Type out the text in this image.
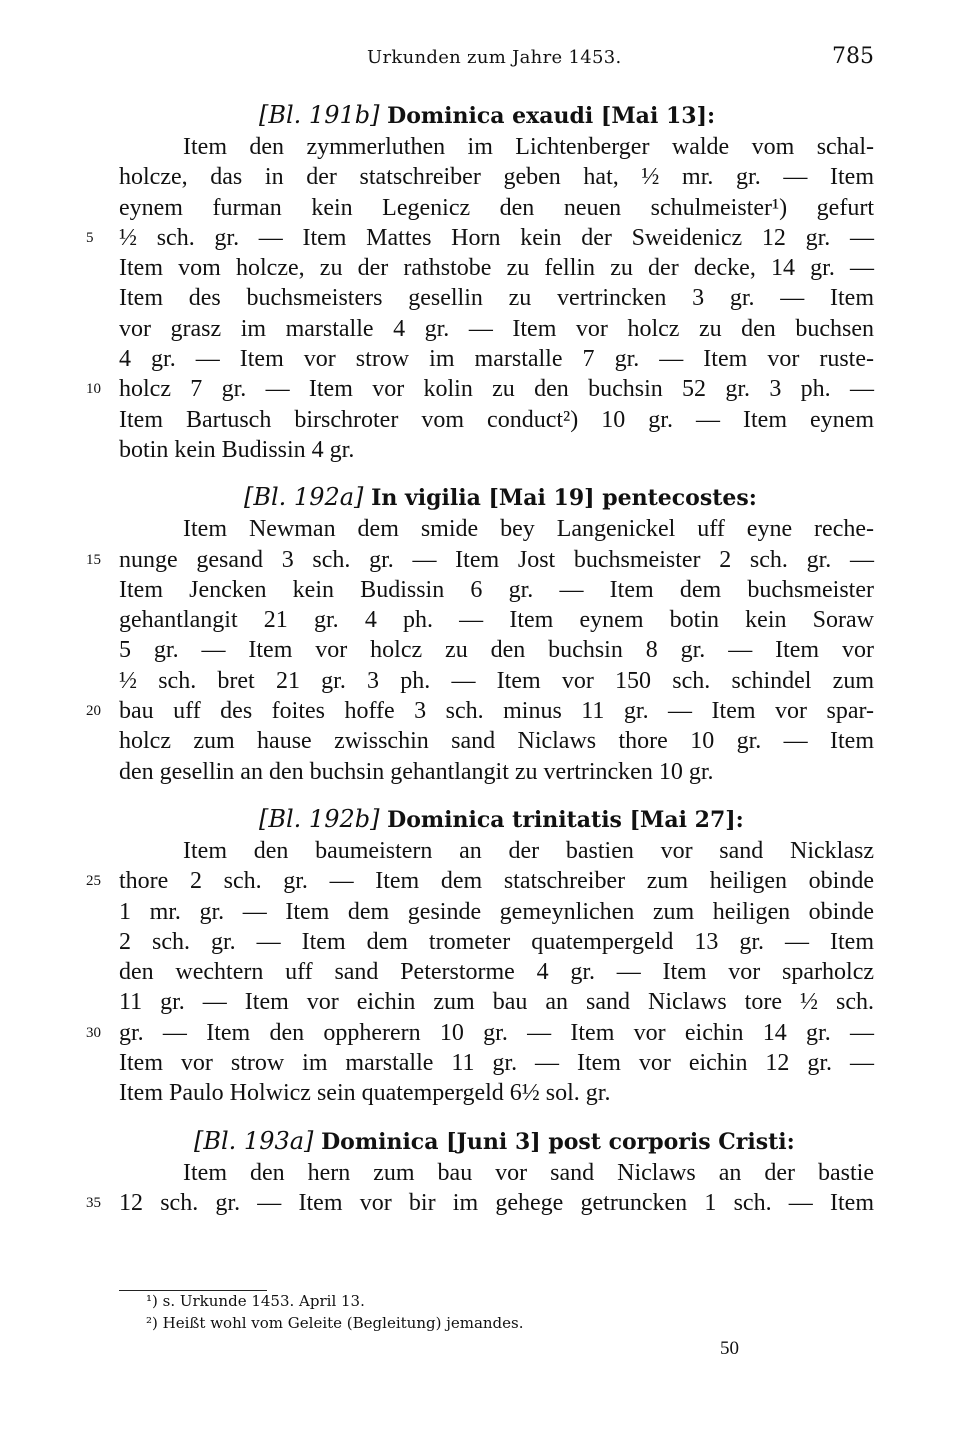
Urkunden zum Jahre 1453.	785
[Bl. 191b] Dominica exaudi [Mai 13]:
Item den zymmerluthen im Lichtenberger walde vom schal-
holcze, das in der statschreiber geben hat, ½ mr. gr. — Item
eynem furman kein Legenicz den neuen schulmeister¹) gefurt
5	½ sch. gr. — Item Mattes Horn kein der Sweidenicz 12 gr. —
Item vom holcze, zu der rathstobe zu fellin zu der decke, 14 gr. —
Item des buchsmeisters gesellin zu vertrincken 3 gr. — Item
vor grasz im marstalle 4 gr. — Item vor holcz zu den buchsen
4 gr. — Item vor strow im marstalle 7 gr. — Item vor ruste-
10 holcz 7 gr. — Item vor kolin zu den buchsin 52 gr. 3 ph. —
Item Bartusch birschroter vom conduct²) 10 gr. — Item eynem
botin kein Budissin 4 gr.
[Bl. 192a] In vigilia [Mai 19] pentecostes:
Item Newman dem smide bey Langenickel uff eyne reche-
15 nunge gesand 3 sch. gr. — Item Jost buchsmeister 2 sch. gr. —
Item Jencken kein Budissin 6 gr. — Item dem buchsmeister
gehantlangit 21 gr. 4 ph. — Item eynem botin kein Soraw
5 gr. — Item vor holcz zu den buchsin 8 gr. — Item vor
½ sch. bret 21 gr. 3 ph. — Item vor 150 sch. schindel zum
20 bau uff des foites hoffe 3 sch. minus 11 gr. — Item vor spar-
holcz zum hause zwisschin sand Niclaws thore 10 gr. — Item
den gesellin an den buchsin gehantlangit zu vertrincken 10 gr.
[Bl. 192b] Dominica trinitatis [Mai 27]:
Item den baumeistern an der bastien vor sand Nicklasz
25 thore 2 sch. gr. — Item dem statschreiber zum heiligen obinde
1 mr. gr. — Item dem gesinde gemeynlichen zum heiligen obinde
2 sch. gr. — Item dem trometer quatempergeld 13 gr. — Item
den wechtern uff sand Peterstorme 4 gr. — Item vor sparholcz
11 gr. — Item vor eichin zum bau an sand Niclaws tore ½ sch.
30 gr. — Item den oppherern 10 gr. — Item vor eichin 14 gr. —
Item vor strow im marstalle 11 gr. — Item vor eichin 12 gr. —
Item Paulo Holwicz sein quatempergeld 6½ sol. gr.
[Bl. 193a] Dominica [Juni 3] post corporis Cristi:
Item den hern zum bau vor sand Niclaws an der bastie
35 12 sch. gr. — Item vor bir im gehege getruncken 1 sch. — Item
¹) s. Urkunde 1453. April 13.
²) Heißt wohl vom Geleite (Begleitung) jemandes.
50
